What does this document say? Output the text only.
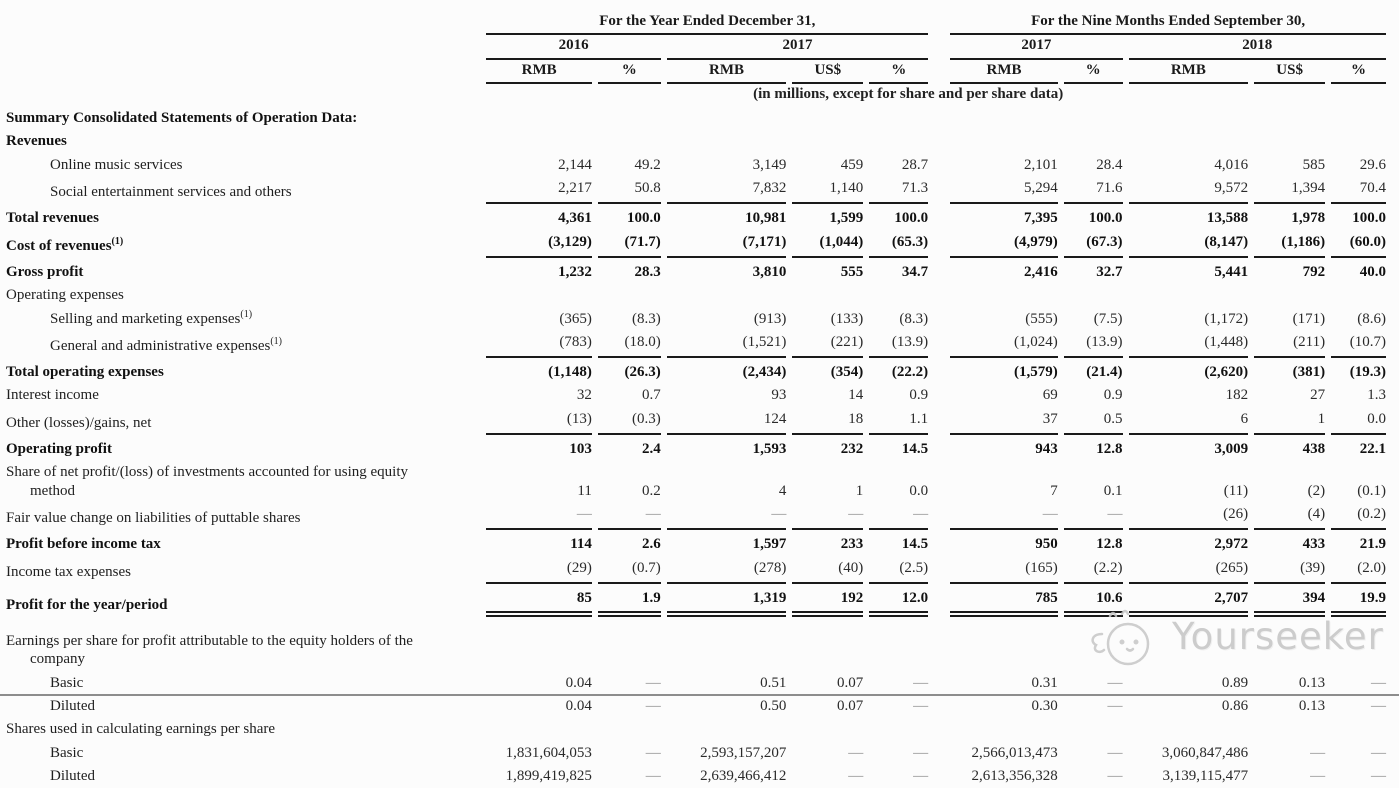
	For the Year Ended December 31,						For the Nine Months Ended September 30,				
	2016		2017				2017		2018		
	RMB	%	RMB	US$	%		RMB	%	RMB	US$	%
	(in millions, except for share and per share data)										
Summary Consolidated Statements of Operation Data:											
Revenues											
Online music services	2,144	49.2	3,149	459	28.7		2,101	28.4	4,016	585	29.6
Social entertainment services and others	2,217	50.8	7,832	1,140	71.3		5,294	71.6	9,572	1,394	70.4
Total revenues	4,361	100.0	10,981	1,599	100.0		7,395	100.0	13,588	1,978	100.0
Cost of revenues$^{(1)}$	(3,129)	(71.7)	(7,171)	(1,044)	(65.3)		(4,979)	(67.3)	(8,147)	(1,186)	(60.0)
Gross profit	1,232	28.3	3,810	555	34.7		2,416	32.7	5,441	792	40.0
Operating expenses											
Selling and marketing expenses$^{(1)}$	(365)	(8.3)	(913)	(133)	(8.3)		(555)	(7.5)	(1,172)	(171)	(8.6)
General and administrative expenses$^{(1)}$	(783)	(18.0)	(1,521)	(221)	(13.9)		(1,024)	(13.9)	(1,448)	(211)	(10.7)
Total operating expenses	(1,148)	(26.3)	(2,434)	(354)	(22.2)		(1,579)	(21.4)	(2,620)	(381)	(19.3)
Interest income	32	0.7	93	14	0.9		69	0.9	182	27	1.3
Other (losses)/gains, net	(13)	(0.3)	124	18	1.1		37	0.5	6	1	0.0
Operating profit	103	2.4	1,593	232	14.5		943	12.8	3,009	438	22.1
Share of net profit/(loss) of investments accounted for using equity
method	11	0.2	4	1	0.0		7	0.1	(11)	(2)	(0.1)
Fair value change on liabilities of puttable shares	—	—	—	—	—		—	—	(26)	(4)	(0.2)
Profit before income tax	114	2.6	1,597	233	14.5		950	12.8	2,972	433	21.9
Income tax expenses	(29)	(0.7)	(278)	(40)	(2.5)		(165)	(2.2)	(265)	(39)	(2.0)
Profit for the year/period	85	1.9	1,319	192	12.0		785	10.6	2,707	394	19.9
Earnings per share for profit attributable to the equity holders of the
company											

Basic	0.04	—	0.51	0.07	—		0.31	—	0.89	0.13	—
Diluted	0.04	—	0.50	0.07	—		0.30	—	0.86	0.13	—
Shares used in calculating earnings per share											
Basic	1,831,604,053	—	2,593,157,207	—	—		2,566,013,473	—	3,060,847,486	—	—
Diluted	1,899,419,825	—	2,639,466,412	—	—		2,613,356,328	—	3,139,115,477	—	—
Yourseeker
